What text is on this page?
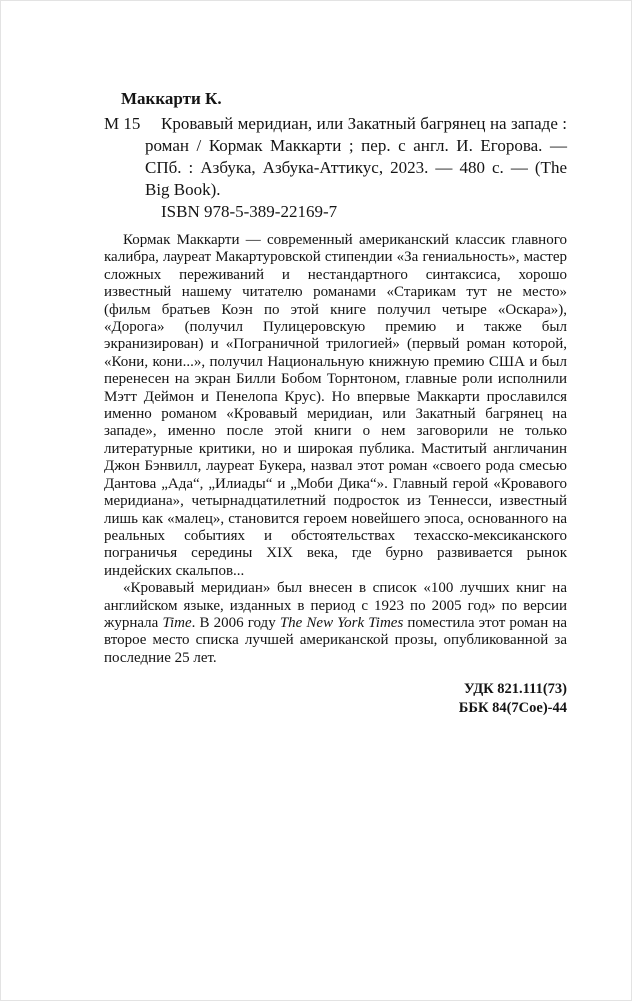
Маккарти К.

М 15	Кровавый меридиан, или Закатный багрянец на западе : роман / Кормак Маккарти ; пер. с англ. И. Егорова. — СПб. : Азбука, Азбука-Аттикус, 2023. — 480 с. — (The Big Book).

ISBN 978-5-389-22169-7

Кормак Маккарти — современный американский классик главного калибра, лауреат Макартуровской стипендии «За гениальность», мастер сложных переживаний и нестандартного синтаксиса, хорошо известный нашему читателю романами «Старикам тут не место» (фильм братьев Коэн по этой книге получил четыре «Оскара»), «Дорога» (получил Пулицеровскую премию и также был экранизирован) и «Пограничной трилогией» (первый роман которой, «Кони, кони...», получил Национальную книжную премию США и был перенесен на экран Билли Бобом Торнтоном, главные роли исполнили Мэтт Деймон и Пенелопа Крус). Но впервые Маккарти прославился именно романом «Кровавый меридиан, или Закатный багрянец на западе», именно после этой книги о нем заговорили не только литературные критики, но и широкая публика. Маститый англичанин Джон Бэнвилл, лауреат Букера, назвал этот роман «своего рода смесью Дантова „Ада“, „Илиады“ и „Моби Дика“». Главный герой «Кровавого меридиана», четырнадцатилетний подросток из Теннесси, известный лишь как «малец», становится героем новейшего эпоса, основанного на реальных событиях и обстоятельствах техасско-мексиканского пограничья середины XIX века, где бурно развивается рынок индейских скальпов...

«Кровавый меридиан» был внесен в список «100 лучших книг на английском языке, изданных в период с 1923 по 2005 год» по версии журнала Time. В 2006 году The New York Times поместила этот роман на второе место списка лучшей американской прозы, опубликованной за последние 25 лет.

УДК 821.111(73)

ББК 84(7Сое)-44
